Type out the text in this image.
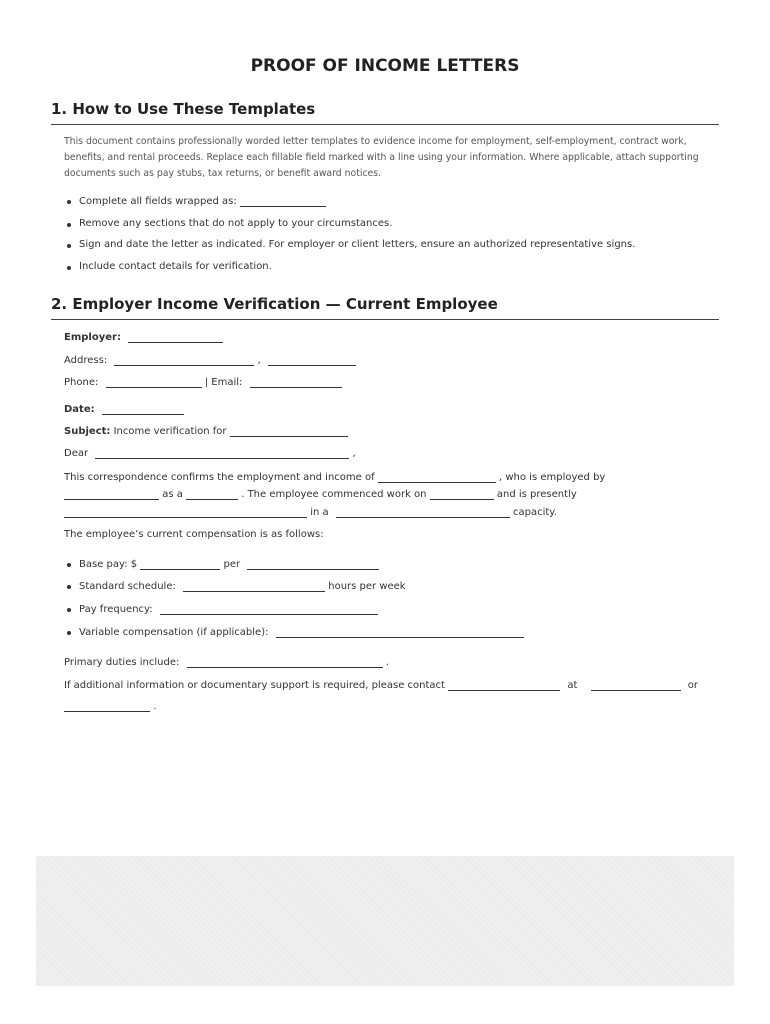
PROOF OF INCOME LETTERS
1. How to Use These Templates
This document contains professionally worded letter templates to evidence income for employment, self-employment, contract work, benefits, and rental proceeds. Replace each fillable field marked with a line using your information. Where applicable, attach supporting documents such as pay stubs, tax returns, or benefit award notices.
Complete all fields wrapped as:
Remove any sections that do not apply to your circumstances.
Sign and date the letter as indicated. For employer or client letters, ensure an authorized representative signs.
Include contact details for verification.
2. Employer Income Verification — Current Employee
Employer:
Address:	,
Phone:	| Email:
Date:
Subject: Income verification for
Dear	,
This correspondence confirms the employment and income of	, who is employed by
as a	. The employee commenced work on	and is presently
in a	capacity.
The employee’s current compensation is as follows:
Base pay: $	per
Standard schedule:	hours per week
Pay frequency:
Variable compensation (if applicable):
Primary duties include:	.
If additional information or documentary support is required, please contact	at	or
.
